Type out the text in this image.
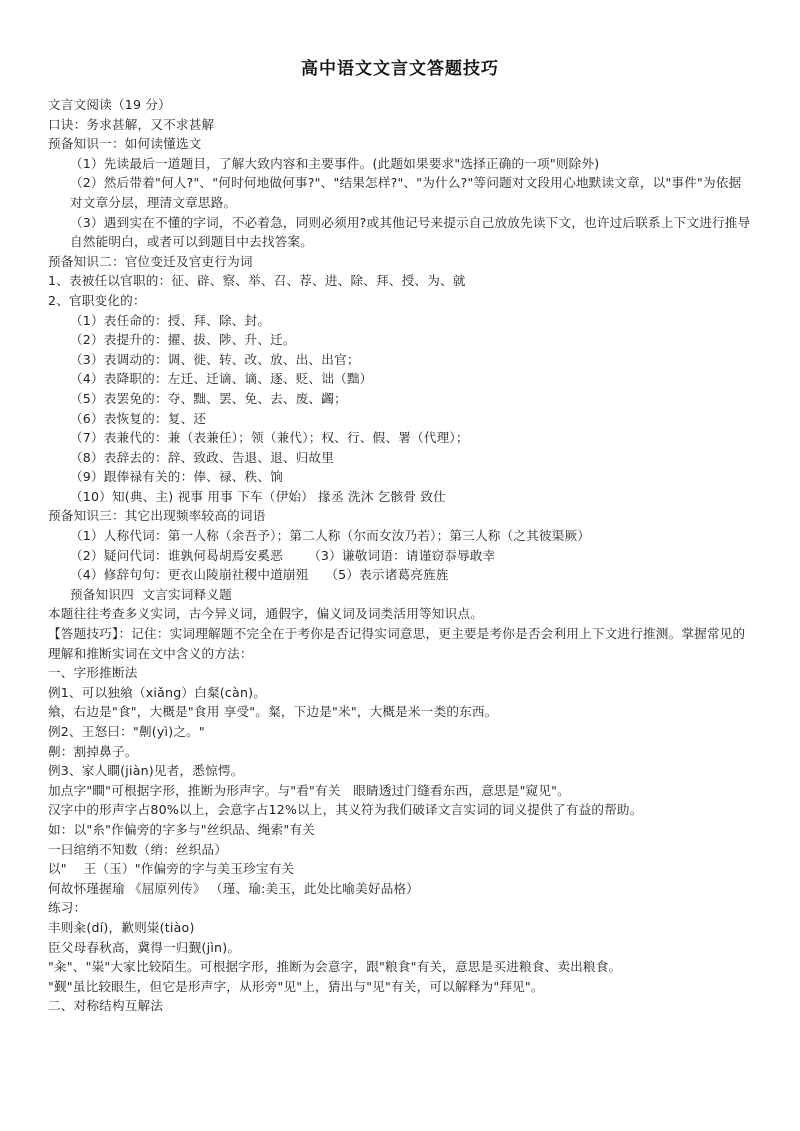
高中语文文言文答题技巧
文言文阅读（19 分）
口诀：务求甚解，又不求甚解
预备知识一：如何读懂选文
（1）先读最后一道题目，了解大致内容和主要事件。(此题如果要求"选择正确的一项"则除外)
（2）然后带着"何人?"、"何时何地做何事?"、"结果怎样?"、"为什么?"等问题对文段用心地默读文章，以"事件"为依据对文章分层，理清文章思路。
（3）遇到实在不懂的字词，不必着急，同则必须用?或其他记号来提示自己放放先读下文，也许过后联系上下文进行推导自然能明白，或者可以到题目中去找答案。
预备知识二：官位变迁及官吏行为词
1、表被任以官职的：征、辟、察、举、召、荐、进、除、拜、授、为、就
2、官职变化的：
（1）表任命的：授、拜、除、封。
（2）表提升的：擢、拔、陟、升、迁。
（3）表调动的：调、徙、转、改、放、出、出官；
（4）表降职的：左迁、迁谪、谪、逐、贬、诎（黜）
（5）表罢免的：夺、黜、罢、免、去、废、蠲；
（6）表恢复的：复、还
（7）表兼代的：兼（表兼任）；领（兼代）；权、行、假、署（代理）；
（8）表辞去的：辞、致政、告退、退、归故里
（9）跟俸禄有关的：俸、禄、秩、饷
（10）知(典、主) 视事 用事 下车（伊始） 掾丞 洗沐 乞骸骨 致仕
预备知识三：其它出现频率较高的词语
（1）人称代词：第一人称（余吾予）；第二人称（尔而女汝乃若）；第三人称（之其彼渠厥）
（2）疑问代词：谁孰何曷胡焉安奚恶      （3）谦敬词语：请谨窃忝辱敢幸
（4）修辞句句：更衣山陵崩社稷中道崩殂    （5）表示诸葛亮旌旌
预备知识四  文言实词释义题
本题往往考查多义实词，古今异义词，通假字，偏义词及词类活用等知识点。
【答题技巧】：记住：实词理解题不完全在于考你是否记得实词意思，更主要是考你是否会利用上下文进行推测。掌握常见的理解和推断实词在文中含义的方法：
一、字形推断法
例1、可以独飨（xiǎng）白粲(càn)。
飨，右边是"食"，大概是"食用 享受"。粲，下边是"米"，大概是米一类的东西。
例2、王怒曰："劓(yì)之。"
劓：割掉鼻子。
例3、家人瞷(jiàn)见者，悉惊愕。
加点字"瞷"可根据字形，推断为形声字。与"看"有关   眼睛透过门缝看东西，意思是"窥见"。
汉字中的形声字占80%以上，会意字占12%以上，其义符为我们破译文言实词的词义提供了有益的帮助。
如：以"糸"作偏旁的字多与"丝织品、绳索"有关
一曰绾绡不知数（绡：丝织品）
以"    王（玉）"作偏旁的字与美玉珍宝有关
何故怀瑾握瑜 《屈原列传》 （瑾、瑜:美玉，此处比喻美好品格）
练习：
丰则籴(dí)，歉则粜(tiào)
臣父母春秋高，冀得一归觐(jìn)。
"籴"、"粜"大家比较陌生。可根据字形，推断为会意字，跟"粮食"有关，意思是买进粮食、卖出粮食。
"觐"虽比较眼生，但它是形声字，从形旁"见"上，猜出与"见"有关，可以解释为"拜见"。
二、对称结构互解法
